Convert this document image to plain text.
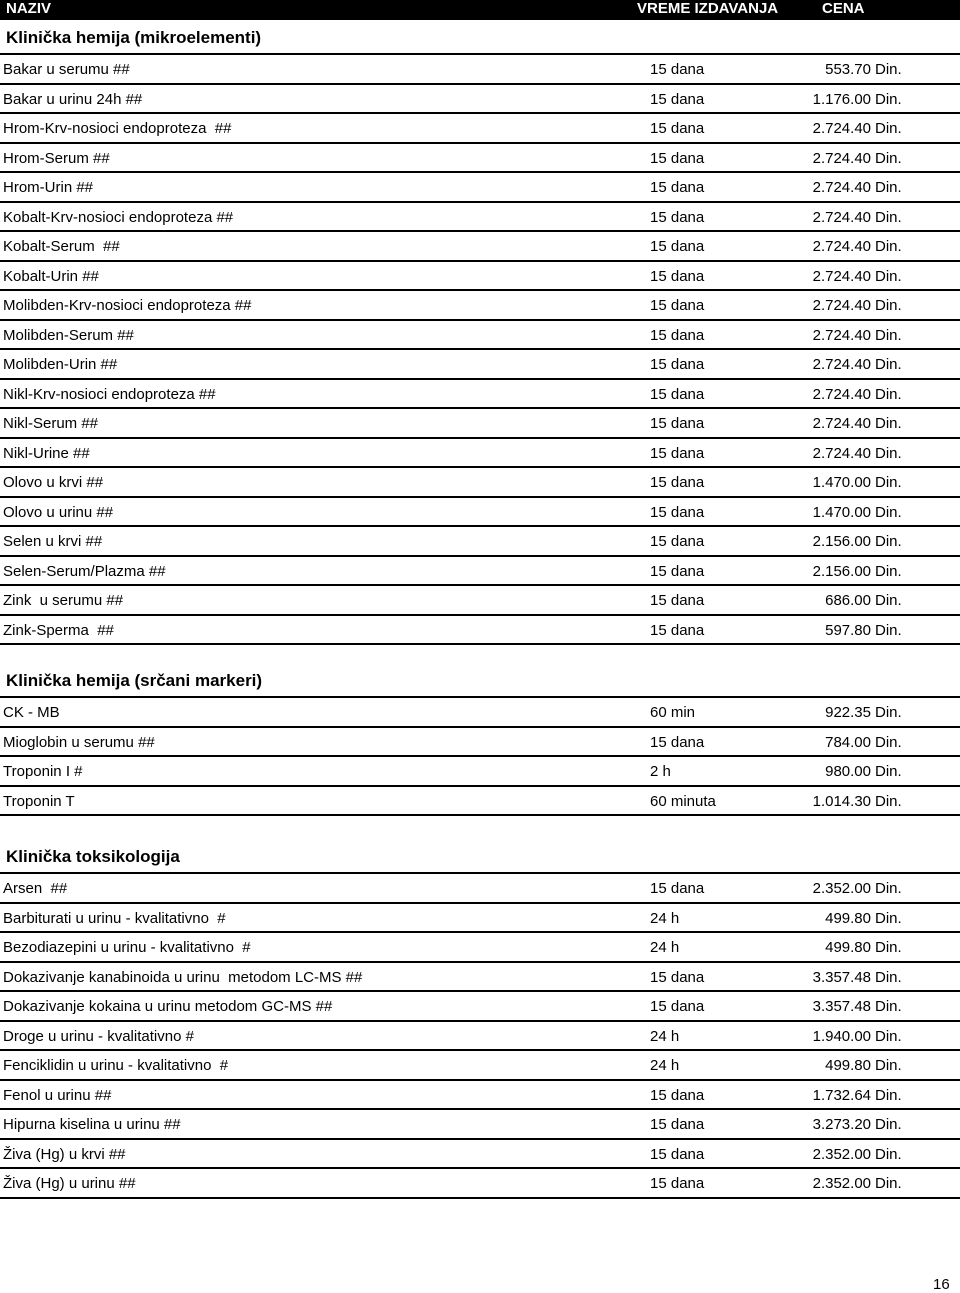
NAZIV	VREME IZDAVANJA	CENA
Klinička hemija (mikroelementi)
Bakar u serumu ##	15 dana	553.70 Din.
Bakar u urinu 24h ##	15 dana	1.176.00 Din.
Hrom-Krv-nosioci endoproteza  ##	15 dana	2.724.40 Din.
Hrom-Serum ##	15 dana	2.724.40 Din.
Hrom-Urin ##	15 dana	2.724.40 Din.
Kobalt-Krv-nosioci endoproteza ##	15 dana	2.724.40 Din.
Kobalt-Serum  ##	15 dana	2.724.40 Din.
Kobalt-Urin ##	15 dana	2.724.40 Din.
Molibden-Krv-nosioci endoproteza ##	15 dana	2.724.40 Din.
Molibden-Serum ##	15 dana	2.724.40 Din.
Molibden-Urin ##	15 dana	2.724.40 Din.
Nikl-Krv-nosioci endoproteza ##	15 dana	2.724.40 Din.
Nikl-Serum ##	15 dana	2.724.40 Din.
Nikl-Urine ##	15 dana	2.724.40 Din.
Olovo u krvi ##	15 dana	1.470.00 Din.
Olovo u urinu ##	15 dana	1.470.00 Din.
Selen u krvi ##	15 dana	2.156.00 Din.
Selen-Serum/Plazma ##	15 dana	2.156.00 Din.
Zink  u serumu ##	15 dana	686.00 Din.
Zink-Sperma  ##	15 dana	597.80 Din.
Klinička hemija (srčani markeri)
CK - MB	60 min	922.35 Din.
Mioglobin u serumu ##	15 dana	784.00 Din.
Troponin I #	2 h	980.00 Din.
Troponin T	60 minuta	1.014.30 Din.
Klinička toksikologija
Arsen  ##	15 dana	2.352.00 Din.
Barbiturati u urinu - kvalitativno  #	24 h	499.80 Din.
Bezodiazepini u urinu - kvalitativno  #	24 h	499.80 Din.
Dokazivanje kanabinoida u urinu  metodom LC-MS ##	15 dana	3.357.48 Din.
Dokazivanje kokaina u urinu metodom GC-MS ##	15 dana	3.357.48 Din.
Droge u urinu - kvalitativno #	24 h	1.940.00 Din.
Fenciklidin u urinu - kvalitativno  #	24 h	499.80 Din.
Fenol u urinu ##	15 dana	1.732.64 Din.
Hipurna kiselina u urinu ##	15 dana	3.273.20 Din.
Živa (Hg) u krvi ##	15 dana	2.352.00 Din.
Živa (Hg) u urinu ##	15 dana	2.352.00 Din.
16
